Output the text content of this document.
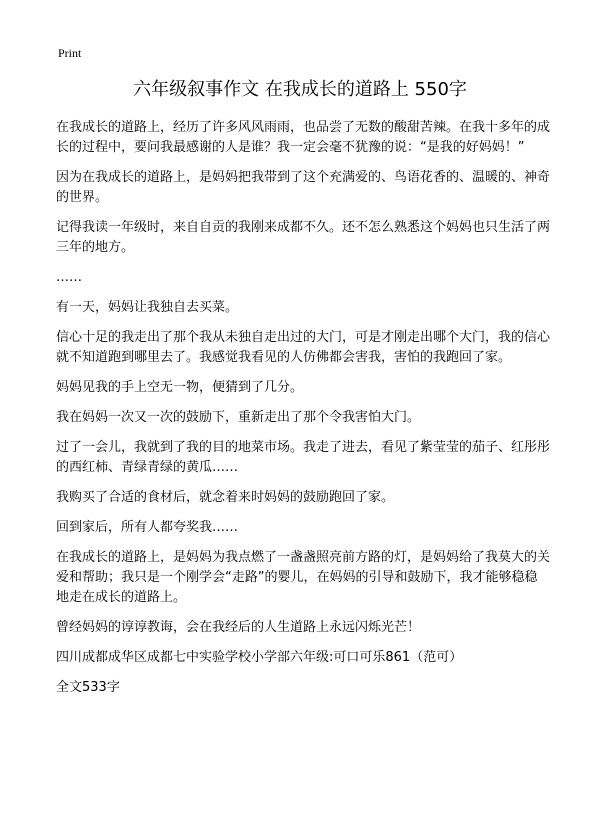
Print
六年级叙事作文 在我成长的道路上 550字

在我成长的道路上，经历了许多风风雨雨，也品尝了无数的酸甜苦辣。在我十多年的成长的过程中，要问我最感谢的人是谁？我一定会毫不犹豫的说：“是我的好妈妈！”

因为在我成长的道路上，是妈妈把我带到了这个充满爱的、鸟语花香的、温暖的、神奇的世界。

记得我读一年级时，来自自贡的我刚来成都不久。还不怎么熟悉这个妈妈也只生活了两三年的地方。

……

有一天，妈妈让我独自去买菜。

信心十足的我走出了那个我从未独自走出过的大门，可是才刚走出哪个大门，我的信心就不知道跑到哪里去了。我感觉我看见的人仿佛都会害我，害怕的我跑回了家。

妈妈见我的手上空无一物，便猜到了几分。

我在妈妈一次又一次的鼓励下，重新走出了那个令我害怕大门。

过了一会儿，我就到了我的目的地菜市场。我走了进去，看见了紫莹莹的茄子、红彤彤的西红柿、青绿青绿的黄瓜……

我购买了合适的食材后，就念着来时妈妈的鼓励跑回了家。

回到家后，所有人都夸奖我……

在我成长的道路上，是妈妈为我点燃了一盏盏照亮前方路的灯，是妈妈给了我莫大的关爱和帮助；我只是一个刚学会“走路”的婴儿，在妈妈的引导和鼓励下，我才能够稳稳地走在成长的道路上。

曾经妈妈的谆谆教诲，会在我经后的人生道路上永远闪烁光芒！

四川成都成华区成都七中实验学校小学部六年级:可口可乐861（范可）

全文533字
